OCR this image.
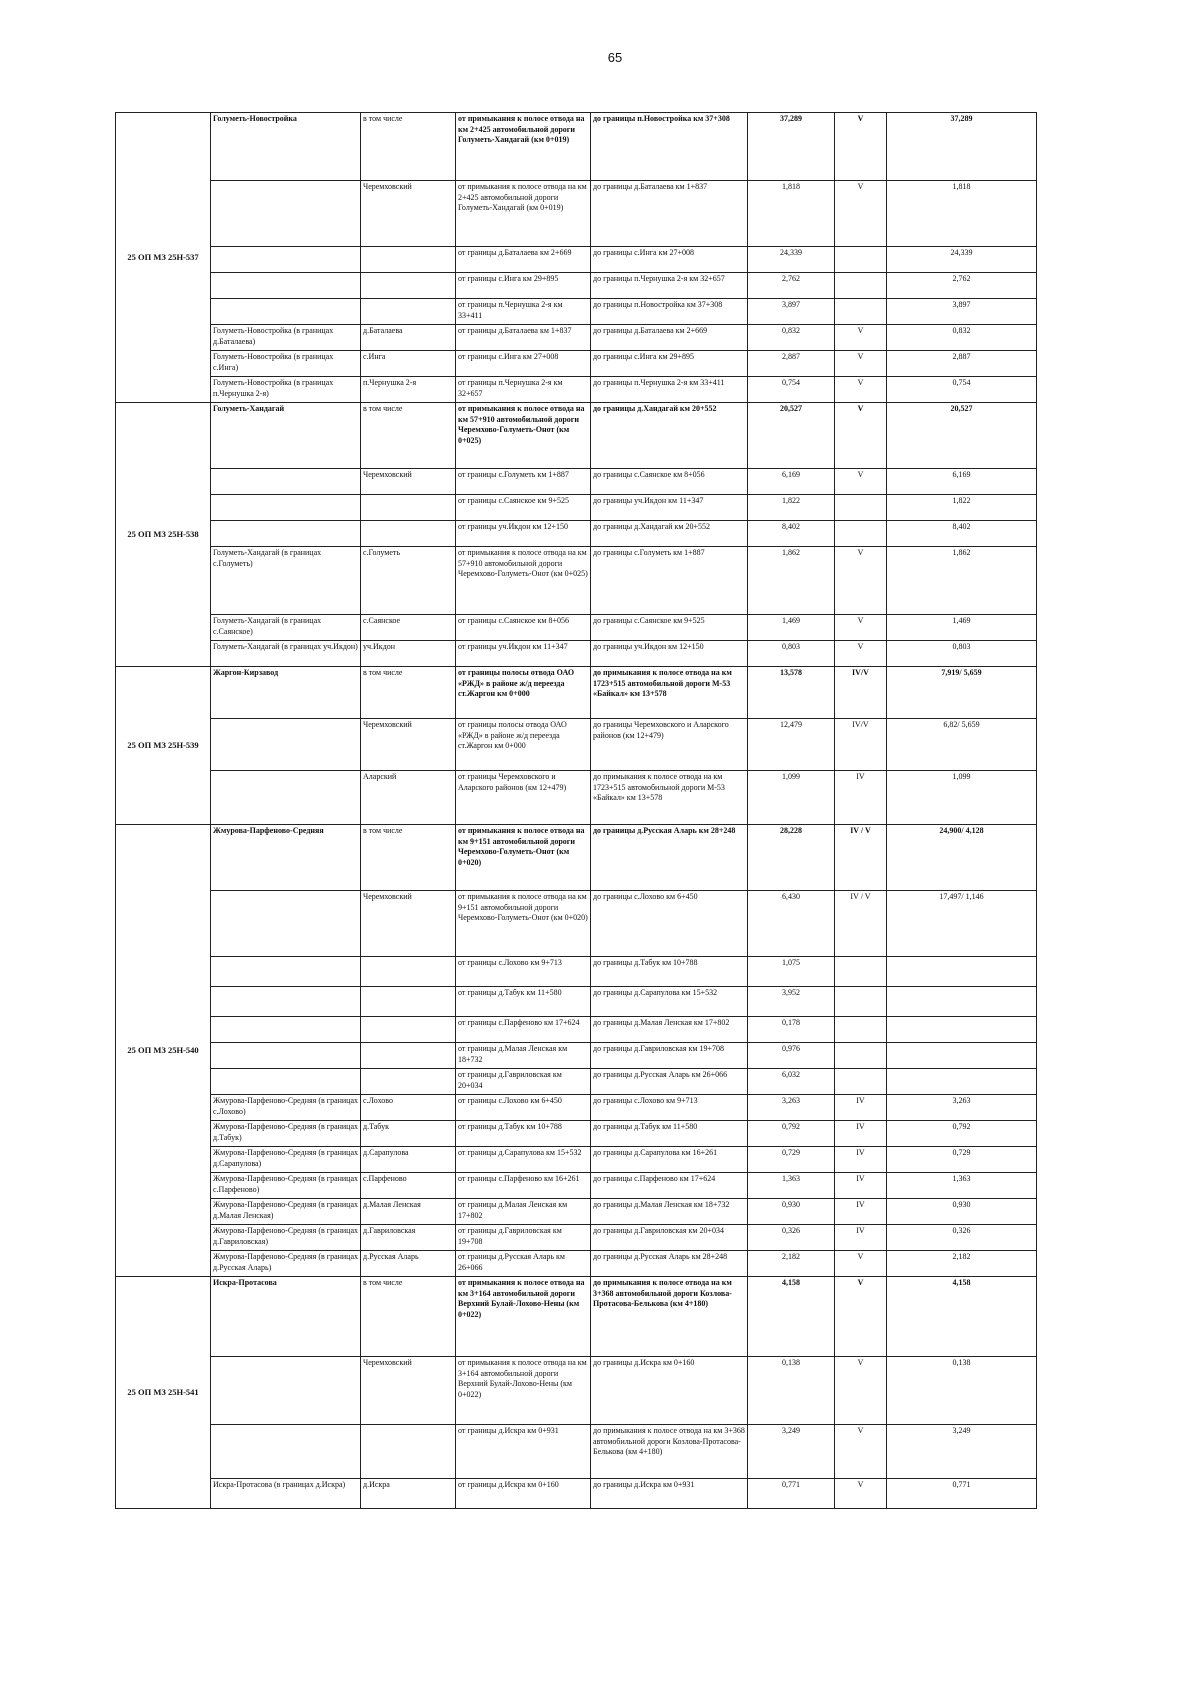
65
25 ОП МЗ 25Н-537	Голуметь-Новостройка	в том числе	от примыкания к полосе отвода на км 2+425 автомобильной дороги Голуметь-Хандагай (км 0+019)	до границы п.Новостройка км 37+308	37,289	V	37,289
		Черемховский	от примыкания к полосе отвода на км 2+425 автомобильной дороги Голуметь-Хандагай (км 0+019)	до границы д.Баталаева км 1+837	1,818	V	1,818
			от границы д.Баталаева км 2+669	до границы с.Инга км 27+008	24,339		24,339
			от границы с.Инга км 29+895	до границы п.Чернушка 2-я км 32+657	2,762		2,762
			от границы п.Чернушка 2-я км 33+411	до границы п.Новостройка км 37+308	3,897		3,897
	Голуметь-Новостройка (в границах д.Баталаева)	д.Баталаева	от границы д.Баталаева км 1+837	до границы д.Баталаева км 2+669	0,832	V	0,832
	Голуметь-Новостройка (в границах с.Инга)	с.Инга	от границы с.Инга км 27+008	до границы с.Инга км 29+895	2,887	V	2,887
	Голуметь-Новостройка (в границах п.Чернушка 2-я)	п.Чернушка 2-я	от границы п.Чернушка 2-я км 32+657	до границы п.Чернушка 2-я км 33+411	0,754	V	0,754
25 ОП МЗ 25Н-538	Голуметь-Хандагай	в том числе	от примыкания к полосе отвода на км 57+910 автомобильной дороги Черемхово-Голуметь-Онот (км 0+025)	до границы д.Хандагай км 20+552	20,527	V	20,527
		Черемховский	от границы с.Голуметь км 1+887	до границы с.Саянское км 8+056	6,169	V	6,169
			от границы с.Саянское км 9+525	до границы уч.Икдон км 11+347	1,822		1,822
			от границы уч.Икдон км 12+150	до границы д.Хандагай км 20+552	8,402		8,402
	Голуметь-Хандагай (в границах с.Голуметь)	с.Голуметь	от примыкания к полосе отвода на км 57+910 автомобильной дороги Черемхово-Голуметь-Онот (км 0+025)	до границы с.Голуметь км 1+887	1,862	V	1,862
	Голуметь-Хандагай (в границах с.Саянское)	с.Саянское	от границы с.Саянское км 8+056	до границы с.Саянское км 9+525	1,469	V	1,469
	Голуметь-Хандагай (в границах уч.Икдон)	уч.Икдон	от границы уч.Икдон км 11+347	до границы уч.Икдон км 12+150	0,803	V	0,803
25 ОП МЗ 25Н-539	Жаргон-Кирзавод	в том числе	от границы полосы отвода ОАО «РЖД» в районе ж/д переезда ст.Жаргон км 0+000	до примыкания к полосе отвода на км 1723+515 автомобильной дороги М-53 «Байкал» км 13+578	13,578	IV/V	7,919/ 5,659
		Черемховский	от границы полосы отвода ОАО «РЖД» в районе ж/д переезда ст.Жаргон км 0+000	до границы Черемховского и Аларского районов (км 12+479)	12,479	IV/V	6,82/ 5,659
		Аларский	от границы Черемховского и Аларского районов (км 12+479)	до примыкания к полосе отвода на км 1723+515 автомобильной дороги М-53 «Байкал» км 13+578	1,099	IV	1,099
25 ОП МЗ 25Н-540	Жмурова-Парфеново-Средняя	в том числе	от примыкания к полосе отвода на км 9+151 автомобильной дороги Черемхово-Голуметь-Онот (км 0+020)	до границы д.Русская Аларь км 28+248	28,228	IV / V	24,900/ 4,128
		Черемховский	от примыкания к полосе отвода на км 9+151 автомобильной дороги Черемхово-Голуметь-Онот (км 0+020)	до границы с.Лохово км 6+450	6,430	IV / V	17,497/ 1,146
			от границы с.Лохово км 9+713	до границы д.Табук км 10+788	1,075		
			от границы д.Табук км 11+580	до границы д.Сарапулова км 15+532	3,952		
			от границы с.Парфеново км 17+624	до границы д.Малая Ленская км 17+802	0,178		
			от границы д.Малая Ленская км 18+732	до границы д.Гавриловская км 19+708	0,976		
			от границы д.Гавриловская км 20+034	до границы д.Русская Аларь км 26+066	6,032		
	Жмурова-Парфеново-Средняя (в границах с.Лохово)	с.Лохово	от границы с.Лохово км 6+450	до границы с.Лохово км 9+713	3,263	IV	3,263
	Жмурова-Парфеново-Средняя (в границах д.Табук)	д.Табук	от границы д.Табук км 10+788	до границы д.Табук км 11+580	0,792	IV	0,792
	Жмурова-Парфеново-Средняя (в границах д.Сарапулова)	д.Сарапулова	от границы д.Сарапулова км 15+532	до границы д.Сарапулова км 16+261	0,729	IV	0,729
	Жмурова-Парфеново-Средняя (в границах с.Парфеново)	с.Парфеново	от границы с.Парфеново км 16+261	до границы с.Парфеново км 17+624	1,363	IV	1,363
	Жмурова-Парфеново-Средняя (в границах д.Малая Ленская)	д.Малая Ленская	от границы д.Малая Ленская км 17+802	до границы д.Малая Ленская км 18+732	0,930	IV	0,930
	Жмурова-Парфеново-Средняя (в границах д.Гавриловская)	д.Гавриловская	от границы д.Гавриловская км 19+708	до границы д.Гавриловская км 20+034	0,326	IV	0,326
	Жмурова-Парфеново-Средняя (в границах д.Русская Аларь)	д.Русская Аларь	от границы д.Русская Аларь км 26+066	до границы д.Русская Аларь км 28+248	2,182	V	2,182
25 ОП МЗ 25Н-541	Искра-Протасова	в том числе	от примыкания к полосе отвода на км 3+164 автомобильной дороги Верхний Булай-Лохово-Нены (км 0+022)	до примыкания к полосе отвода на км 3+368 автомобильной дороги Козлова-Протасова-Белькова (км 4+180)	4,158	V	4,158
		Черемховский	от примыкания к полосе отвода на км 3+164 автомобильной дороги Верхний Булай-Лохово-Нены (км 0+022)	до границы д.Искра км 0+160	0,138	V	0,138
			от границы д.Искра км 0+931	до примыкания к полосе отвода на км 3+368 автомобильной дороги Козлова-Протасова-Белькова (км 4+180)	3,249	V	3,249
	Искра-Протасова (в границах д.Искра)	д.Искра	от границы д.Искра км 0+160	до границы д.Искра км 0+931	0,771	V	0,771
